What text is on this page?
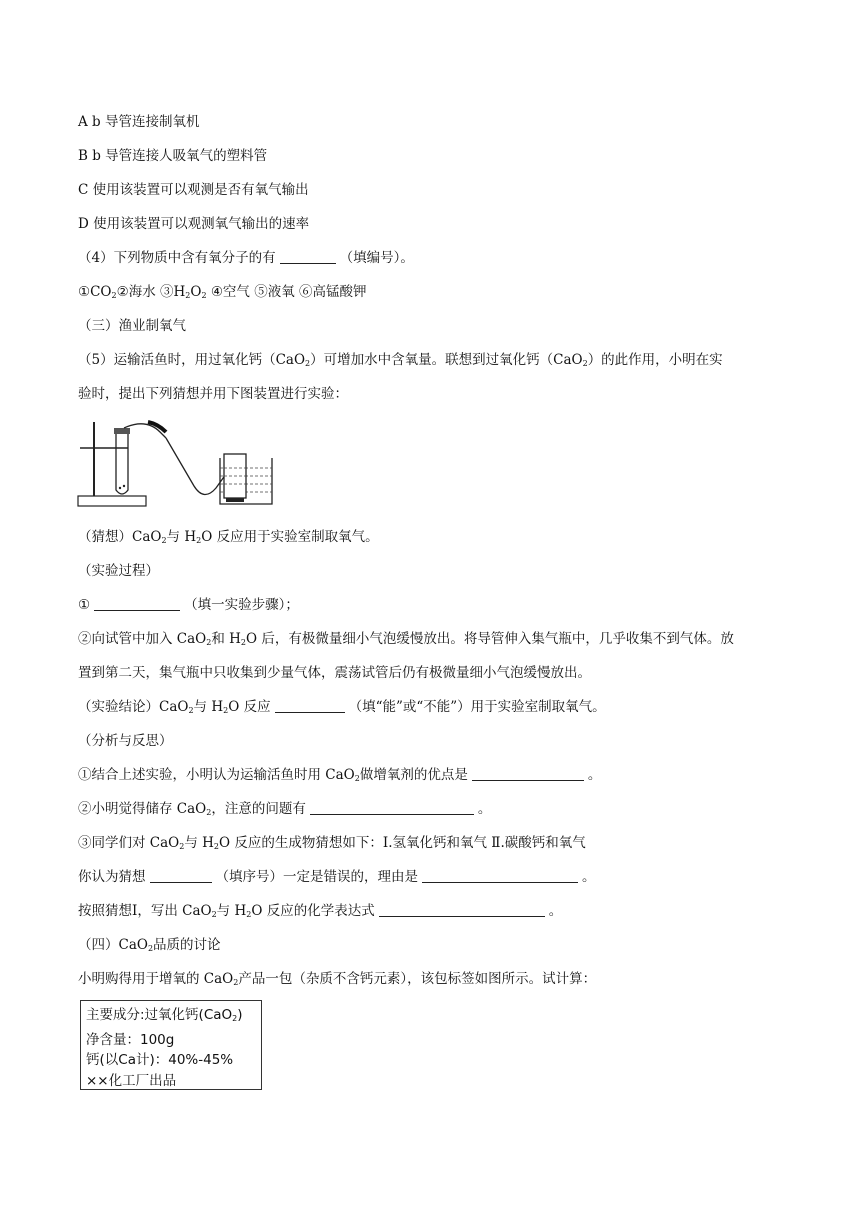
A b 导管连接制氧机
B b 导管连接人吸氧气的塑料管
C 使用该装置可以观测是否有氧气输出
D 使用该装置可以观测氧气输出的速率
（4）下列物质中含有氧分子的有	（填编号）。
$①CO_2②$海水 $③H_2O_2$ ④空气 ⑤液氧 ⑥高锰酸钾
（三）渔业制氧气
（5）运输活鱼时，用过氧化钙（CaO$_2$）可增加水中含氧量。联想到过氧化钙（CaO$_2$）的此作用，小明在实
验时，提出下列猜想并用下图装置进行实验：
（猜想）CaO$_2$与 $H_2O$ 反应用于实验室制取氧气。
（实验过程）
①	（填一实验步骤）；
②向试管中加入 CaO$_2$和 $H_2O$ 后，有极微量细小气泡缓慢放出。将导管伸入集气瓶中，几乎收集不到气体。放
置到第二天，集气瓶中只收集到少量气体，震荡试管后仍有极微量细小气泡缓慢放出。
（实验结论）CaO$_2$与 $H_2O$ 反应	（填“能”或“不能”）用于实验室制取氧气。
（分析与反思）
①结合上述实验，小明认为运输活鱼时用 CaO$_2$做增氧剂的优点是	。
②小明觉得储存 CaO$_2$，注意的问题有	。
③同学们对 CaO$_2$与 $H_2O$ 反应的生成物猜想如下：Ⅰ.氢氧化钙和氧气 Ⅱ.碳酸钙和氧气
你认为猜想	（填序号）一定是错误的，理由是	。
按照猜想Ⅰ，写出 CaO$_2$与 $H_2O$ 反应的化学表达式	。
（四）CaO$_2$品质的讨论
小明购得用于增氧的 CaO$_2$产品一包（杂质不含钙元素），该包标签如图所示。试计算：
主要成分:过氧化钙(CaO$_2$)
净含量：100g
钙(以Ca计)：40%-45%
××化工厂出品
